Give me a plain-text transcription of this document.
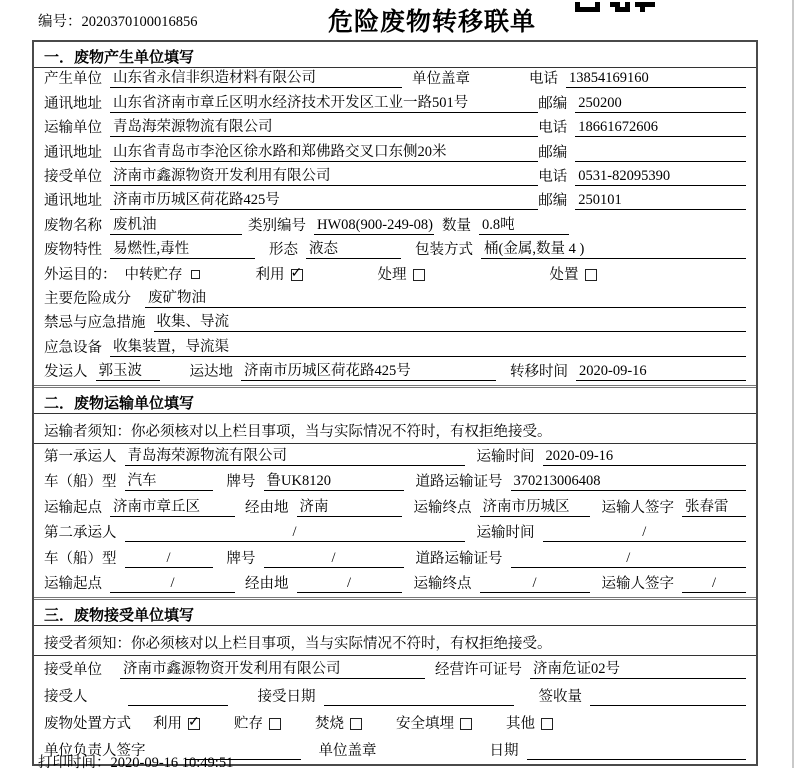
编号：2020370100016856	危险废物转移联单
一．废物产生单位填写
产生单位 山东省永信非织造材料有限公司	单位盖章	电话 13854169160
通讯地址 山东省济南市章丘区明水经济技术开发区工业一路501号	邮编 250200
运输单位 青岛海荣源物流有限公司	电话 18661672606
通讯地址 山东省青岛市李沧区徐水路和郑佛路交叉口东侧20米	邮编
接受单位 济南市鑫源物资开发利用有限公司	电话 0531-82095390
通讯地址 济南市历城区荷花路425号	邮编 250101
废物名称 废机油	类别编号 HW08(900-249-08) 数量 0.8吨
废物特性 易燃性,毒性	形态 液态	包装方式 桶(金属,数量 4 )
外运目的： 中转贮存	利用 ✓	处理	处置
主要危险成分 废矿物油
禁忌与应急措施 收集、导流
应急设备 收集装置，导流渠
发运人 郭玉波	运达地 济南市历城区荷花路425号	转移时间 2020-09-16
二．废物运输单位填写
运输者须知：你必须核对以上栏目事项，当与实际情况不符时，有权拒绝接受。
第一承运人 青岛海荣源物流有限公司	运输时间 2020-09-16
车（船）型 汽车	牌号 鲁UK8120	道路运输证号 370213006408
运输起点 济南市章丘区	经由地 济南	运输终点 济南市历城区	运输人签字 张春雷
第二承运人	/	运输时间	/
车（船）型	/	牌号	/	道路运输证号	/
运输起点	/	经由地	/	运输终点	/	运输人签字	/
三．废物接受单位填写
接受者须知：你必须核对以上栏目事项，当与实际情况不符时，有权拒绝接受。
接受单位 济南市鑫源物资开发利用有限公司	经营许可证号 济南危证02号
接受人	接受日期	签收量
废物处置方式 利用 ✓	贮存	焚烧	安全填埋	其他
单位负责人签字	单位盖章	日期
打印时间：2020-09-16 10:49:51
